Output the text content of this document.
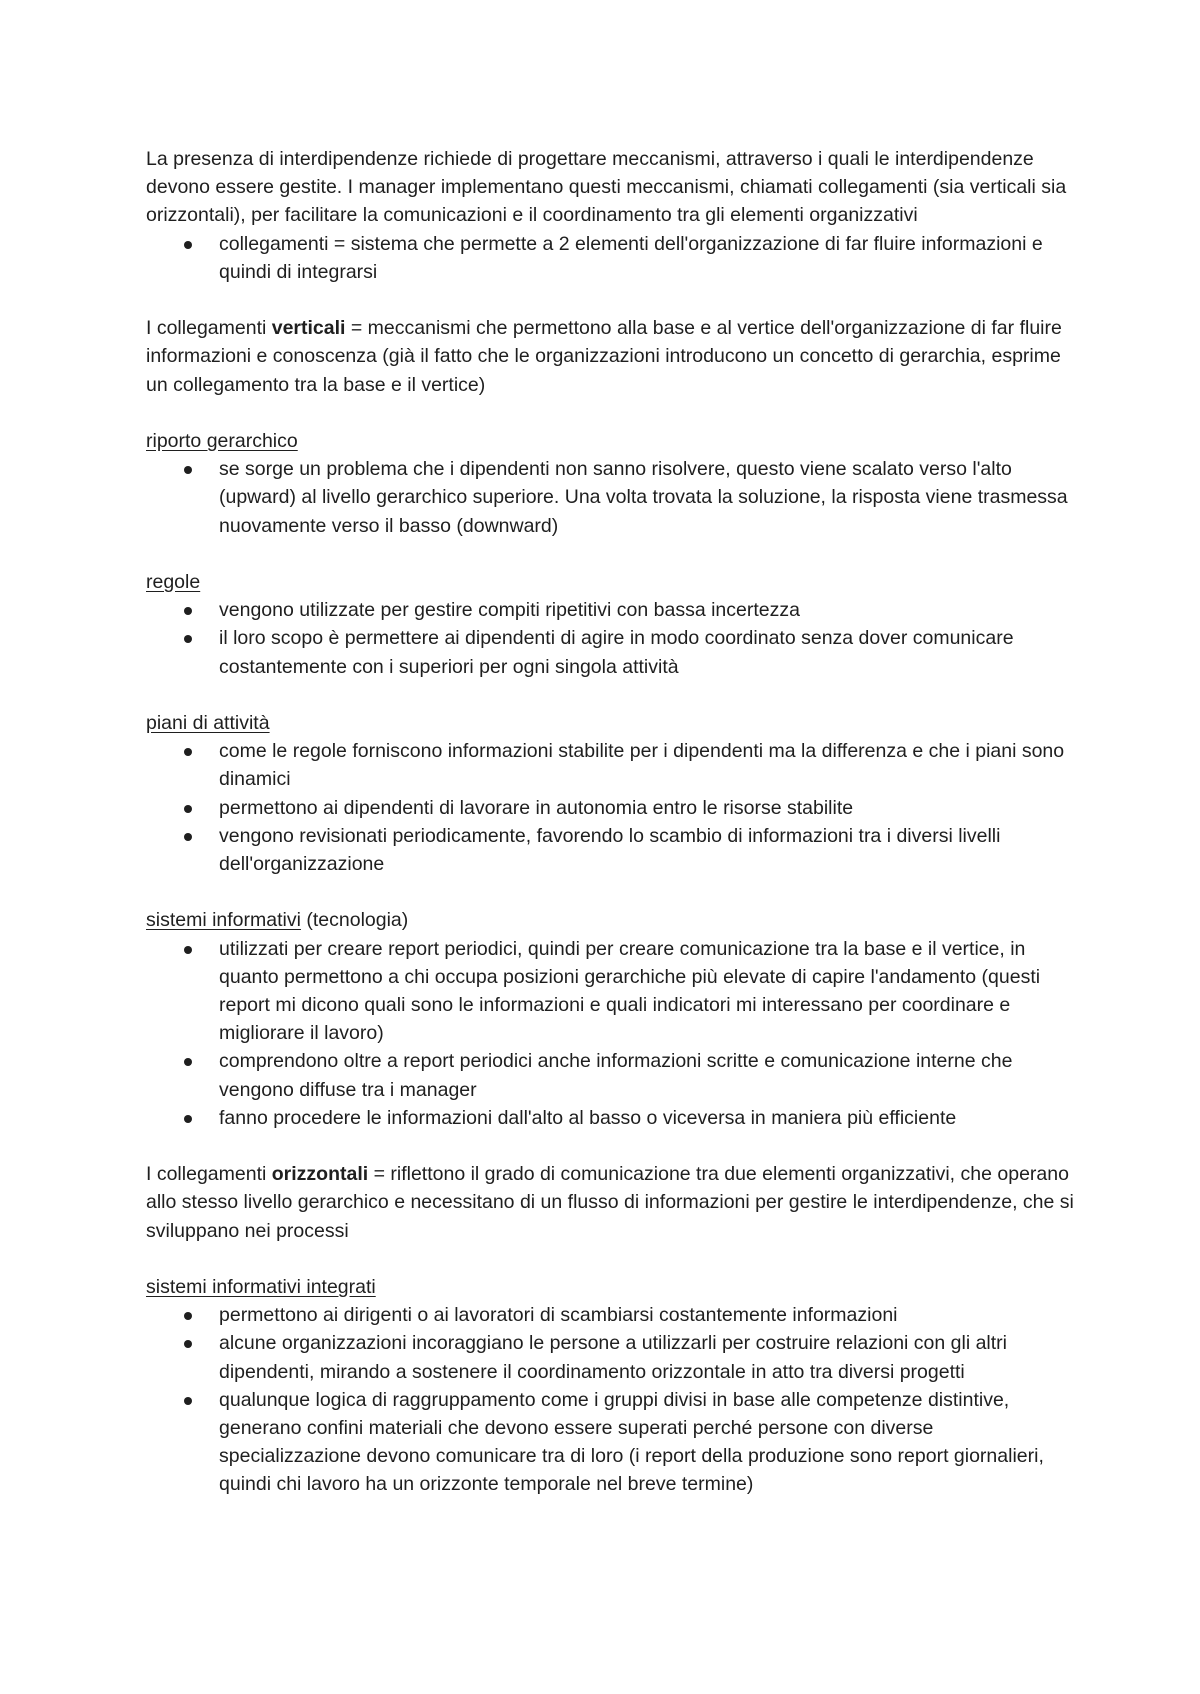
La presenza di interdipendenze richiede di progettare meccanismi, attraverso i quali le interdipendenze devono essere gestite. I manager implementano questi meccanismi, chiamati collegamenti (sia verticali sia orizzontali), per facilitare la comunicazioni e il coordinamento tra gli elementi organizzativi

collegamenti = sistema che permette a 2 elementi dell'organizzazione di far fluire informazioni e quindi di integrarsi

I collegamenti verticali = meccanismi che permettono alla base e al vertice dell'organizzazione di far fluire informazioni e conoscenza (già il fatto che le organizzazioni introducono un concetto di gerarchia, esprime un collegamento tra la base e il vertice)

riporto gerarchico

se sorge un problema che i dipendenti non sanno risolvere, questo viene scalato verso l'alto (upward) al livello gerarchico superiore. Una volta trovata la soluzione, la risposta viene trasmessa nuovamente verso il basso (downward)

regole

vengono utilizzate per gestire compiti ripetitivi con bassa incertezza
il loro scopo è permettere ai dipendenti di agire in modo coordinato senza dover comunicare costantemente con i superiori per ogni singola attività

piani di attività

come le regole forniscono informazioni stabilite per i dipendenti ma la differenza e che i piani sono dinamici
permettono ai dipendenti di lavorare in autonomia entro le risorse stabilite
vengono revisionati periodicamente, favorendo lo scambio di informazioni tra i diversi livelli dell'organizzazione

sistemi informativi (tecnologia)

utilizzati per creare report periodici, quindi per creare comunicazione tra la base e il vertice, in quanto permettono a chi occupa posizioni gerarchiche più elevate di capire l'andamento (questi report mi dicono quali sono le informazioni e quali indicatori mi interessano per coordinare e migliorare il lavoro)
comprendono oltre a report periodici anche informazioni scritte e comunicazione interne che vengono diffuse tra i manager
fanno procedere le informazioni dall'alto al basso o viceversa in maniera più efficiente

I collegamenti orizzontali = riflettono il grado di comunicazione tra due elementi organizzativi, che operano allo stesso livello gerarchico e necessitano di un flusso di informazioni per gestire le interdipendenze, che si sviluppano nei processi

sistemi informativi integrati

permettono ai dirigenti o ai lavoratori di scambiarsi costantemente informazioni
alcune organizzazioni incoraggiano le persone a utilizzarli per costruire relazioni con gli altri dipendenti, mirando a sostenere il coordinamento orizzontale in atto tra diversi progetti
qualunque logica di raggruppamento come i gruppi divisi in base alle competenze distintive, generano confini materiali che devono essere superati perché persone con diverse specializzazione devono comunicare tra di loro (i report della produzione sono report giornalieri, quindi chi lavoro ha un orizzonte temporale nel breve termine)
